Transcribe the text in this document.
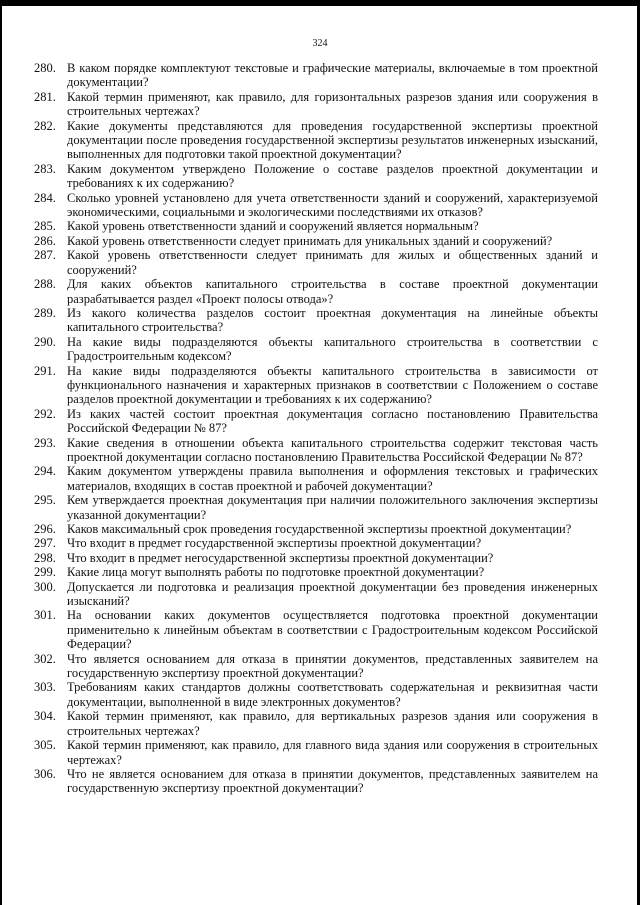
324
280. В каком порядке комплектуют текстовые и графические материалы, включаемые в том проектной документации?
281. Какой термин применяют, как правило, для горизонтальных разрезов здания или сооружения в строительных чертежах?
282. Какие документы представляются для проведения государственной экспертизы проектной документации после проведения государственной экспертизы результатов инженерных изысканий, выполненных для подготовки такой проектной документации?
283. Каким документом утверждено Положение о составе разделов проектной документации и требованиях к их содержанию?
284. Сколько уровней установлено для учета ответственности зданий и сооружений, характеризуемой экономическими, социальными и экологическими последствиями их отказов?
285. Какой уровень ответственности зданий и сооружений является нормальным?
286. Какой уровень ответственности следует принимать для уникальных зданий и сооружений?
287. Какой уровень ответственности следует принимать для жилых и общественных зданий и сооружений?
288. Для каких объектов капитального строительства в составе проектной документации разрабатывается раздел «Проект полосы отвода»?
289. Из какого количества разделов состоит проектная документация на линейные объекты капитального строительства?
290. На какие виды подразделяются объекты капитального строительства в соответствии с Градостроительным кодексом?
291. На какие виды подразделяются объекты капитального строительства в зависимости от функционального назначения и характерных признаков в соответствии с Положением о составе разделов проектной документации и требованиях к их содержанию?
292. Из каких частей состоит проектная документация согласно постановлению Правительства Российской Федерации № 87?
293. Какие сведения в отношении объекта капитального строительства содержит текстовая часть проектной документации согласно постановлению Правительства Российской Федерации № 87?
294. Каким документом утверждены правила выполнения и оформления текстовых и графических материалов, входящих в состав проектной и рабочей документации?
295. Кем утверждается проектная документация при наличии положительного заключения экспертизы указанной документации?
296. Каков максимальный срок проведения государственной экспертизы проектной документации?
297. Что входит в предмет государственной экспертизы проектной документации?
298. Что входит в предмет негосударственной экспертизы проектной документации?
299. Какие лица могут выполнять работы по подготовке проектной документации?
300. Допускается ли подготовка и реализация проектной документации без проведения инженерных изысканий?
301. На основании каких документов осуществляется подготовка проектной документации применительно к линейным объектам в соответствии с Градостроительным кодексом Российской Федерации?
302. Что является основанием для отказа в принятии документов, представленных заявителем на государственную экспертизу проектной документации?
303. Требованиям каких стандартов должны соответствовать содержательная и реквизитная части документации, выполненной в виде электронных документов?
304. Какой термин применяют, как правило, для вертикальных разрезов здания или сооружения в строительных чертежах?
305. Какой термин применяют, как правило, для главного вида здания или сооружения в строительных чертежах?
306. Что не является основанием для отказа в принятии документов, представленных заявителем на государственную экспертизу проектной документации?
